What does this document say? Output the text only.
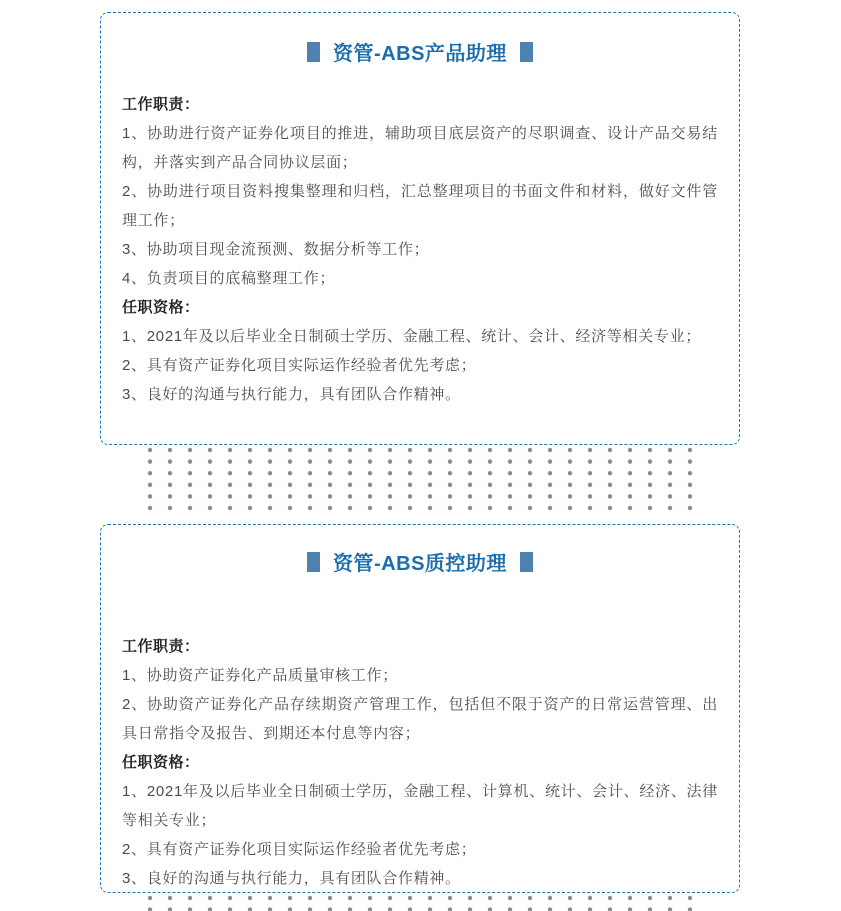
资管-ABS产品助理

工作职责：

1、协助进行资产证券化项目的推进，辅助项目底层资产的尽职调查、设计产品交易结构，并落实到产品合同协议层面；

2、协助进行项目资料搜集整理和归档，汇总整理项目的书面文件和材料，做好文件管理工作；

3、协助项目现金流预测、数据分析等工作；

4、负责项目的底稿整理工作；

任职资格：

1、2021年及以后毕业全日制硕士学历、金融工程、统计、会计、经济等相关专业；

2、具有资产证券化项目实际运作经验者优先考虑；

3、良好的沟通与执行能力，具有团队合作精神。

资管-ABS质控助理

工作职责：

1、协助资产证券化产品质量审核工作；

2、协助资产证券化产品存续期资产管理工作，包括但不限于资产的日常运营管理、出具日常指令及报告、到期还本付息等内容；

任职资格：

1、2021年及以后毕业全日制硕士学历，金融工程、计算机、统计、会计、经济、法律等相关专业；

2、具有资产证券化项目实际运作经验者优先考虑；

3、良好的沟通与执行能力，具有团队合作精神。
